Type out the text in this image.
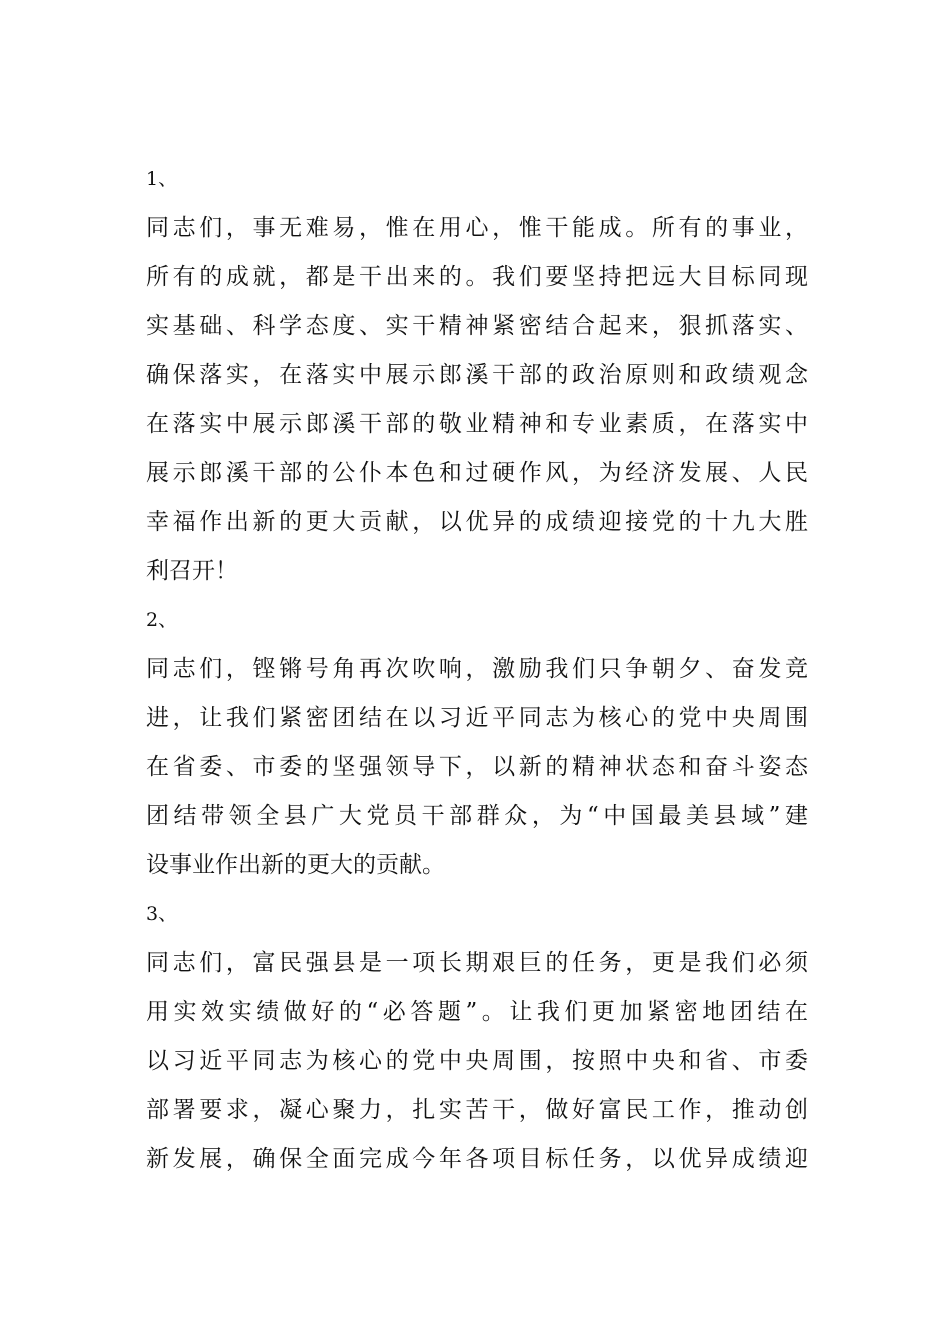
1、
同志们，事无难易，惟在用心，惟干能成。所有的事业，
所有的成就，都是干出来的。我们要坚持把远大目标同现
实基础、科学态度、实干精神紧密结合起来，狠抓落实、
确保落实，在落实中展示郎溪干部的政治原则和政绩观念
在落实中展示郎溪干部的敬业精神和专业素质，在落实中
展示郎溪干部的公仆本色和过硬作风，为经济发展、人民
幸福作出新的更大贡献，以优异的成绩迎接党的十九大胜
利召开！
2、
同志们，铿锵号角再次吹响，激励我们只争朝夕、奋发竞
进，让我们紧密团结在以习近平同志为核心的党中央周围
在省委、市委的坚强领导下，以新的精神状态和奋斗姿态
团结带领全县广大党员干部群众，为“中国最美县域”建
设事业作出新的更大的贡献。
3、
同志们，富民强县是一项长期艰巨的任务，更是我们必须
用实效实绩做好的“必答题”。让我们更加紧密地团结在
以习近平同志为核心的党中央周围，按照中央和省、市委
部署要求，凝心聚力，扎实苦干，做好富民工作，推动创
新发展，确保全面完成今年各项目标任务，以优异成绩迎
